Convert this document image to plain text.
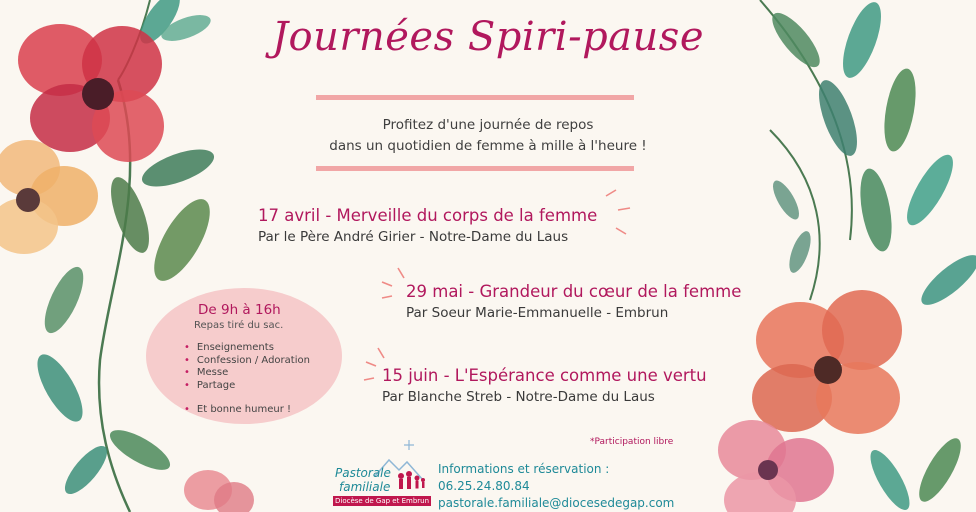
Journées Spiri-pause
Profitez d'une journée de repos
dans un quotidien de femme à mille à l'heure !
17 avril - Merveille du corps de la femme
Par le Père André Girier - Notre-Dame du Laus
29 mai - Grandeur du cœur de la femme
Par Soeur Marie-Emmanuelle - Embrun
15 juin - L'Espérance comme une vertu
Par Blanche Streb - Notre-Dame du Laus
De 9h à 16h
Repas tiré du sac.
• Enseignements
• Confession / Adoration
• Messe
• Partage
• Et bonne humeur !
*Participation libre
Pastorale
familiale
Diocèse de Gap et Embrun
Informations et réservation :
06.25.24.80.84
pastorale.familiale@diocesedegap.com
